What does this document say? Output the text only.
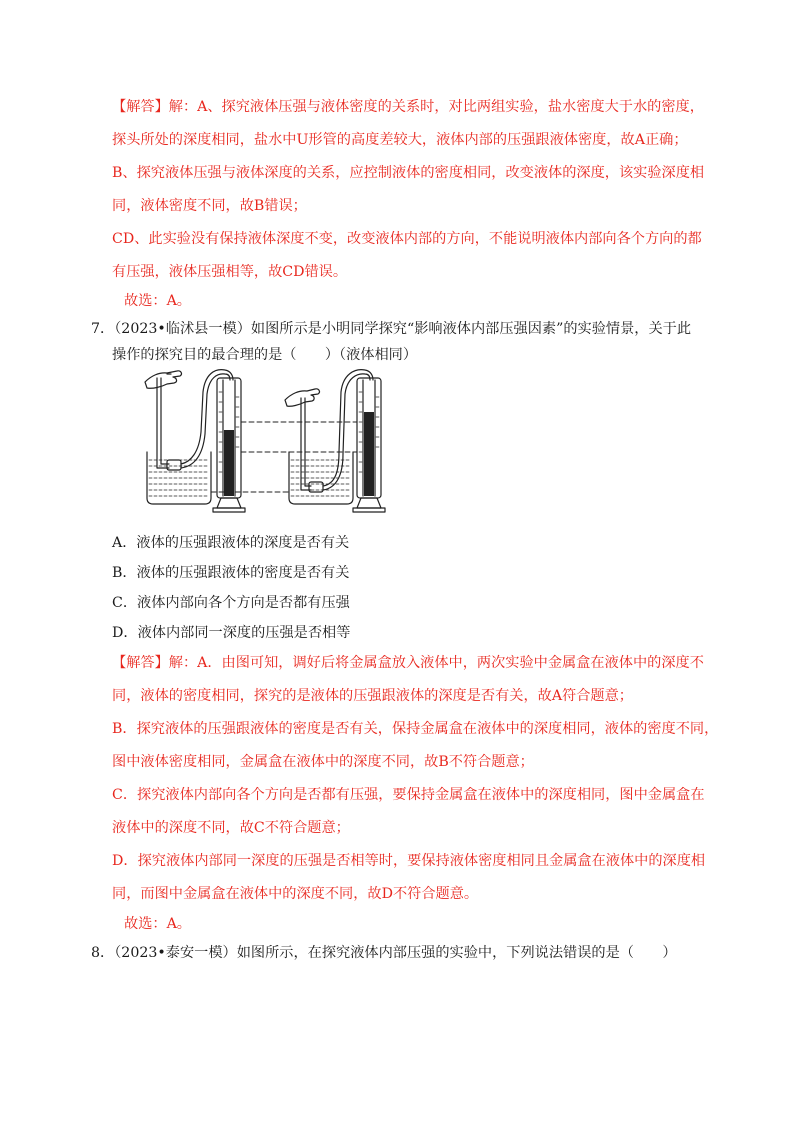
【解答】解：A、探究液体压强与液体密度的关系时，对比两组实验，盐水密度大于水的密度，
探头所处的深度相同，盐水中U形管的高度差较大，液体内部的压强跟液体密度，故A正确；
B、探究液体压强与液体深度的关系，应控制液体的密度相同，改变液体的深度，该实验深度相
同，液体密度不同，故B错误；
CD、此实验没有保持液体深度不变，改变液体内部的方向，不能说明液体内部向各个方向的都
有压强，液体压强相等，故CD错误。
故选：A。
7．（2023•临沭县一模）如图所示是小明同学探究“影响液体内部压强因素”的实验情景，关于此
操作的探究目的最合理的是（　　）（液体相同）
A．液体的压强跟液体的深度是否有关
B．液体的压强跟液体的密度是否有关
C．液体内部向各个方向是否都有压强
D．液体内部同一深度的压强是否相等
【解答】解：A．由图可知，调好后将金属盒放入液体中，两次实验中金属盒在液体中的深度不
同，液体的密度相同，探究的是液体的压强跟液体的深度是否有关，故A符合题意；
B．探究液体的压强跟液体的密度是否有关，保持金属盒在液体中的深度相同，液体的密度不同，
图中液体密度相同，金属盒在液体中的深度不同，故B不符合题意；
C．探究液体内部向各个方向是否都有压强，要保持金属盒在液体中的深度相同，图中金属盒在
液体中的深度不同，故C不符合题意；
D．探究液体内部同一深度的压强是否相等时，要保持液体密度相同且金属盒在液体中的深度相
同，而图中金属盒在液体中的深度不同，故D不符合题意。
故选：A。
8．（2023•泰安一模）如图所示，在探究液体内部压强的实验中，下列说法错误的是（　　）
